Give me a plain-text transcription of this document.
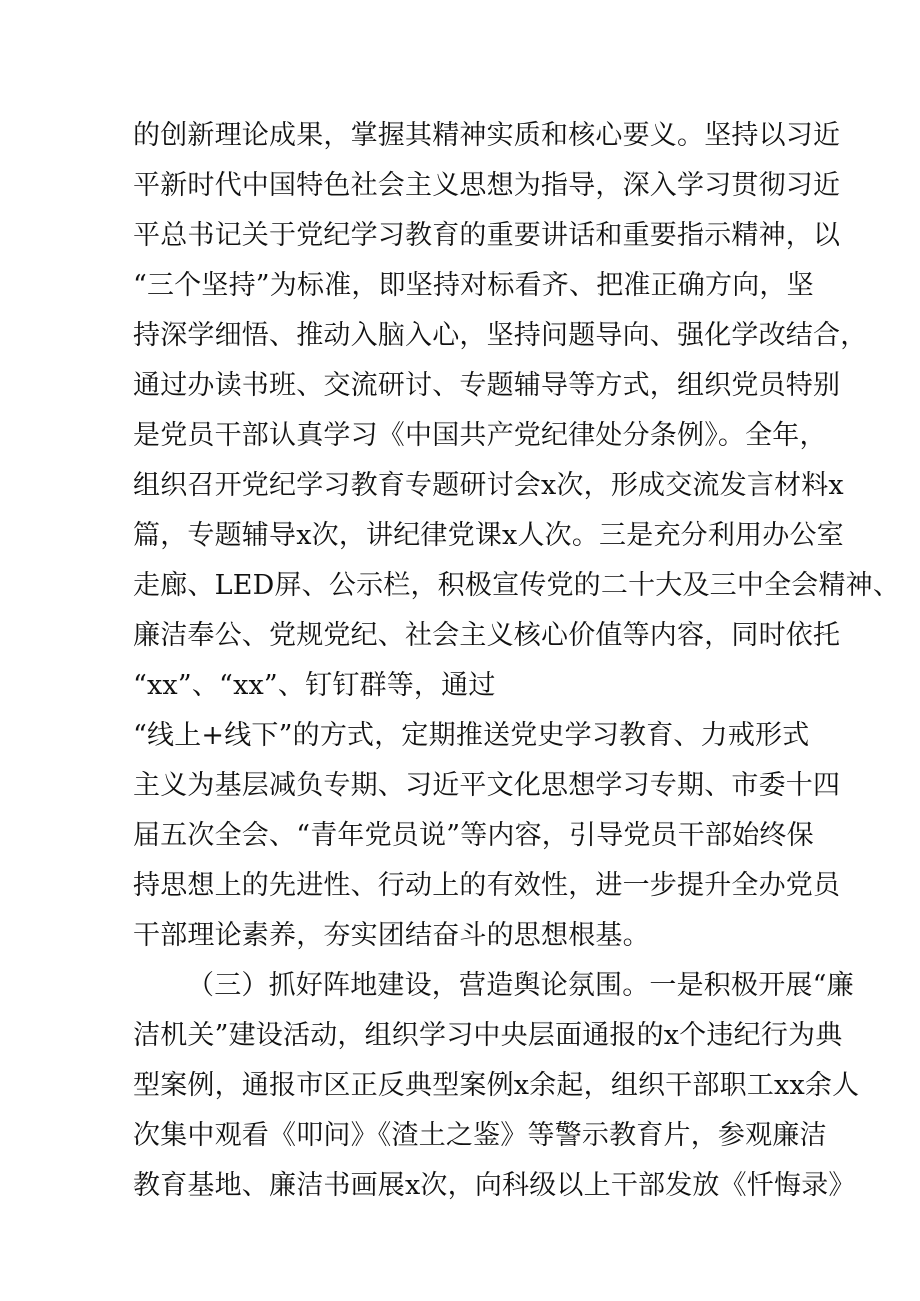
的创新理论成果，掌握其精神实质和核心要义。坚持以习近
平新时代中国特色社会主义思想为指导，深入学习贯彻习近
平总书记关于党纪学习教育的重要讲话和重要指示精神，以
“三个坚持”为标准，即坚持对标看齐、把准正确方向，坚
持深学细悟、推动入脑入心，坚持问题导向、强化学改结合，
通过办读书班、交流研讨、专题辅导等方式，组织党员特别
是党员干部认真学习《中国共产党纪律处分条例》。全年，
组织召开党纪学习教育专题研讨会x次，形成交流发言材料x
篇，专题辅导x次，讲纪律党课x人次。三是充分利用办公室
走廊、LED屏、公示栏，积极宣传党的二十大及三中全会精神、
廉洁奉公、党规党纪、社会主义核心价值等内容，同时依托
“xx”、“xx”、钉钉群等，通过
“线上+线下”的方式，定期推送党史学习教育、力戒形式
主义为基层减负专期、习近平文化思想学习专期、市委十四
届五次全会、“青年党员说”等内容，引导党员干部始终保
持思想上的先进性、行动上的有效性，进一步提升全办党员
干部理论素养，夯实团结奋斗的思想根基。
（三）抓好阵地建设，营造舆论氛围。一是积极开展“廉
洁机关”建设活动，组织学习中央层面通报的x个违纪行为典
型案例，通报市区正反典型案例x余起，组织干部职工xx余人
次集中观看《叩问》《渣土之鉴》等警示教育片，参观廉洁
教育基地、廉洁书画展x次，向科级以上干部发放《忏悔录》
